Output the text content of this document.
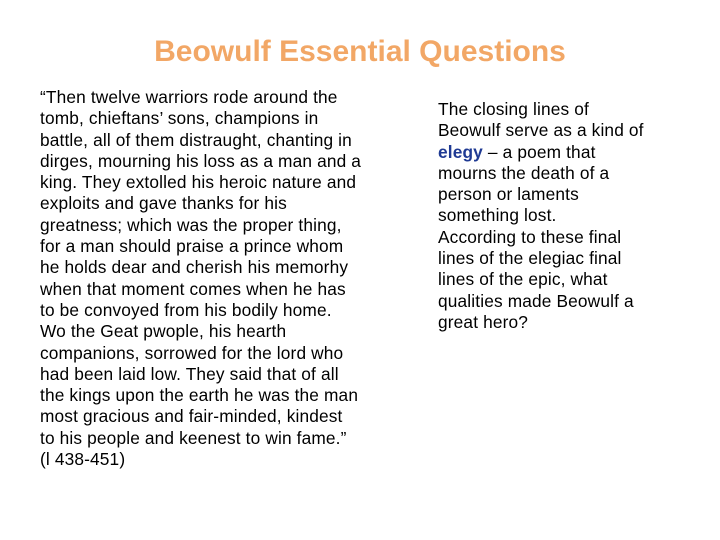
Beowulf Essential Questions
“Then twelve warriors rode around the
tomb, chieftans’ sons, champions in
battle, all of them distraught, chanting in
dirges, mourning his loss as a man and a
king. They extolled his heroic nature and
exploits and gave thanks for his
greatness; which was the proper thing,
for a man should praise a prince whom
he holds dear and cherish his memorhy
when that moment comes when he has
to be convoyed from his bodily home.
Wo the Geat pwople, his hearth
companions, sorrowed for the lord who
had been laid low. They said that of all
the kings upon the earth he was the man
most gracious and fair-minded, kindest
to his people and keenest to win fame.”
(l 438-451)
The closing lines of
Beowulf serve as a kind of
elegy – a poem that
mourns the death of a
person or laments
something lost.
According to these final
lines of the elegiac final
lines of the epic, what
qualities made Beowulf a
great hero?
